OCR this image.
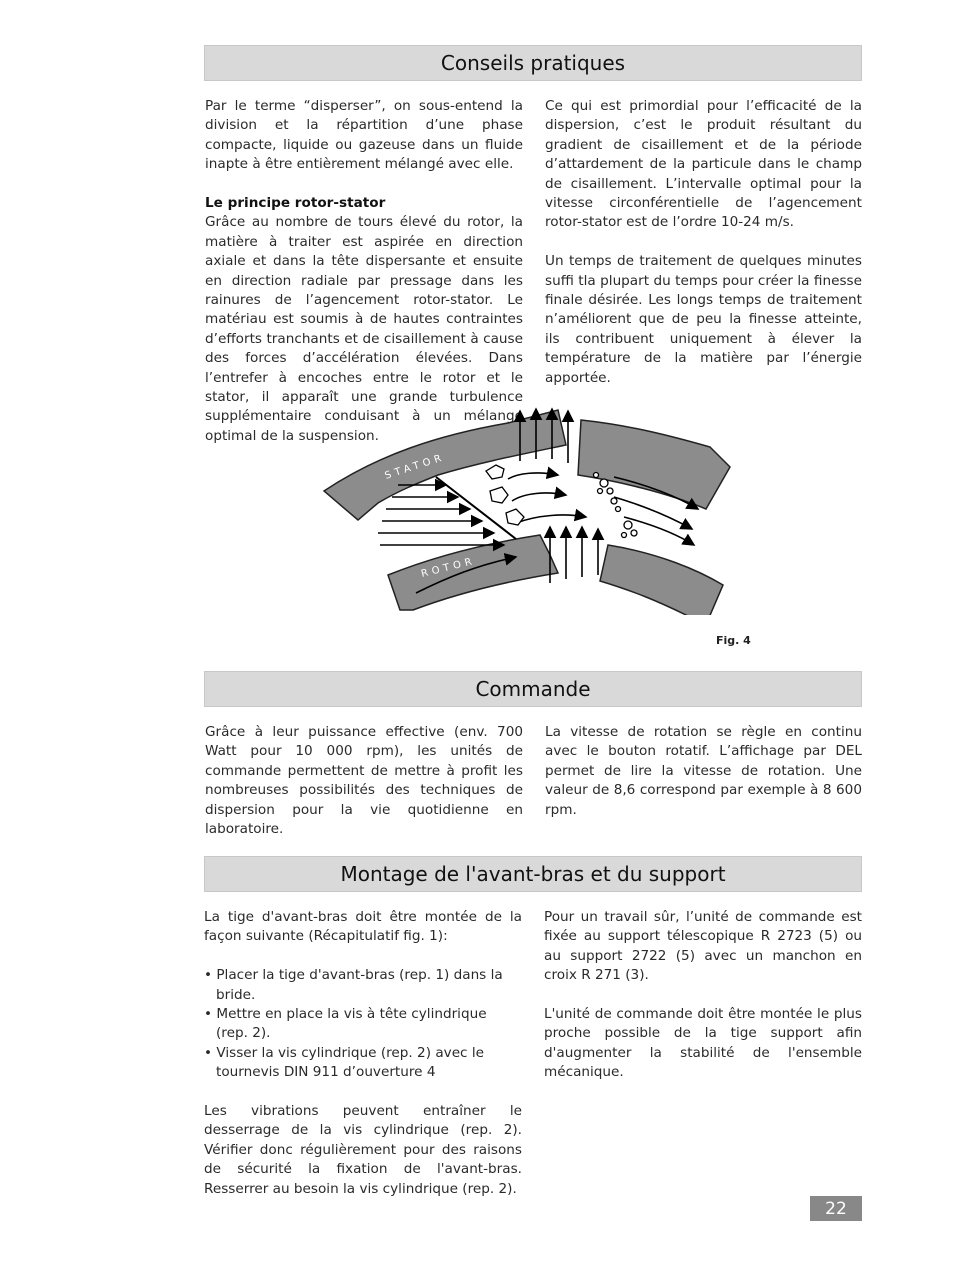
Conseils pratiques

Par le terme “disperser”, on sous-entend la division et la répartition d’une phase compacte, liquide ou gazeuse dans un fluide inapte à être entièrement mélangé avec elle.

Le principe rotor-stator

Grâce au nombre de tours élevé du rotor, la matière à traiter est aspirée en direction axiale et dans la tête dispersante et ensuite en direction radiale par pressage dans les rainures de l’agencement rotor-stator. Le matériau est soumis à de hautes contraintes d’efforts tranchants et de cisaillement à cause des forces d’accélération élevées. Dans l’entrefer à encoches entre le rotor et le stator, il apparaît une grande turbulence supplémentaire conduisant à un mélange optimal de la suspension.

Ce qui est primordial pour l’efficacité de la dispersion, c’est le produit résultant du gradient de cisaillement et de la période d’attardement de la particule dans le champ de cisaillement. L’intervalle optimal pour la vitesse circonférentielle de l’agencement rotor-stator est de l’ordre 10-24 m/s.

Un temps de traitement de quelques minutes suffi tla plupart du temps pour créer la finesse finale désirée. Les longs temps de traitement n’améliorent que de peu la finesse atteinte, ils contribuent uniquement à élever la température de la matière par l’énergie apportée.

STATOR
ROTOR
Fig. 4
Commande

Grâce à leur puissance effective (env. 700 Watt pour 10 000 rpm), les unités de commande permettent de mettre à profit les nombreuses possibilités des techniques de dispersion pour la vie quotidienne en laboratoire.

La vitesse de rotation se règle en continu avec le bouton rotatif. L’affichage par DEL permet de lire la vitesse de rotation. Une valeur de 8,6 correspond par exemple à 8 600 rpm.

Montage de l'avant-bras et du support

La tige d'avant-bras doit être montée de la façon suivante (Récapitulatif fig. 1):

• Placer la tige d'avant-bras (rep. 1) dans la bride.
• Mettre en place la vis à tête cylindrique (rep. 2).
• Visser la vis cylindrique (rep. 2) avec le tournevis DIN 911 d’ouverture 4

Les vibrations peuvent entraîner le desserrage de la vis cylindrique (rep. 2). Vérifier donc régulièrement pour des raisons de sécurité la fixation de l'avant-bras. Resserrer au besoin la vis cylindrique (rep. 2).

Pour un travail sûr, l’unité de commande est fixée au support télescopique R 2723 (5) ou au support 2722 (5) avec un manchon en croix R 271 (3).

L'unité de commande doit être montée le plus proche possible de la tige support afin d'augmenter la stabilité de l'ensemble mécanique.

22
